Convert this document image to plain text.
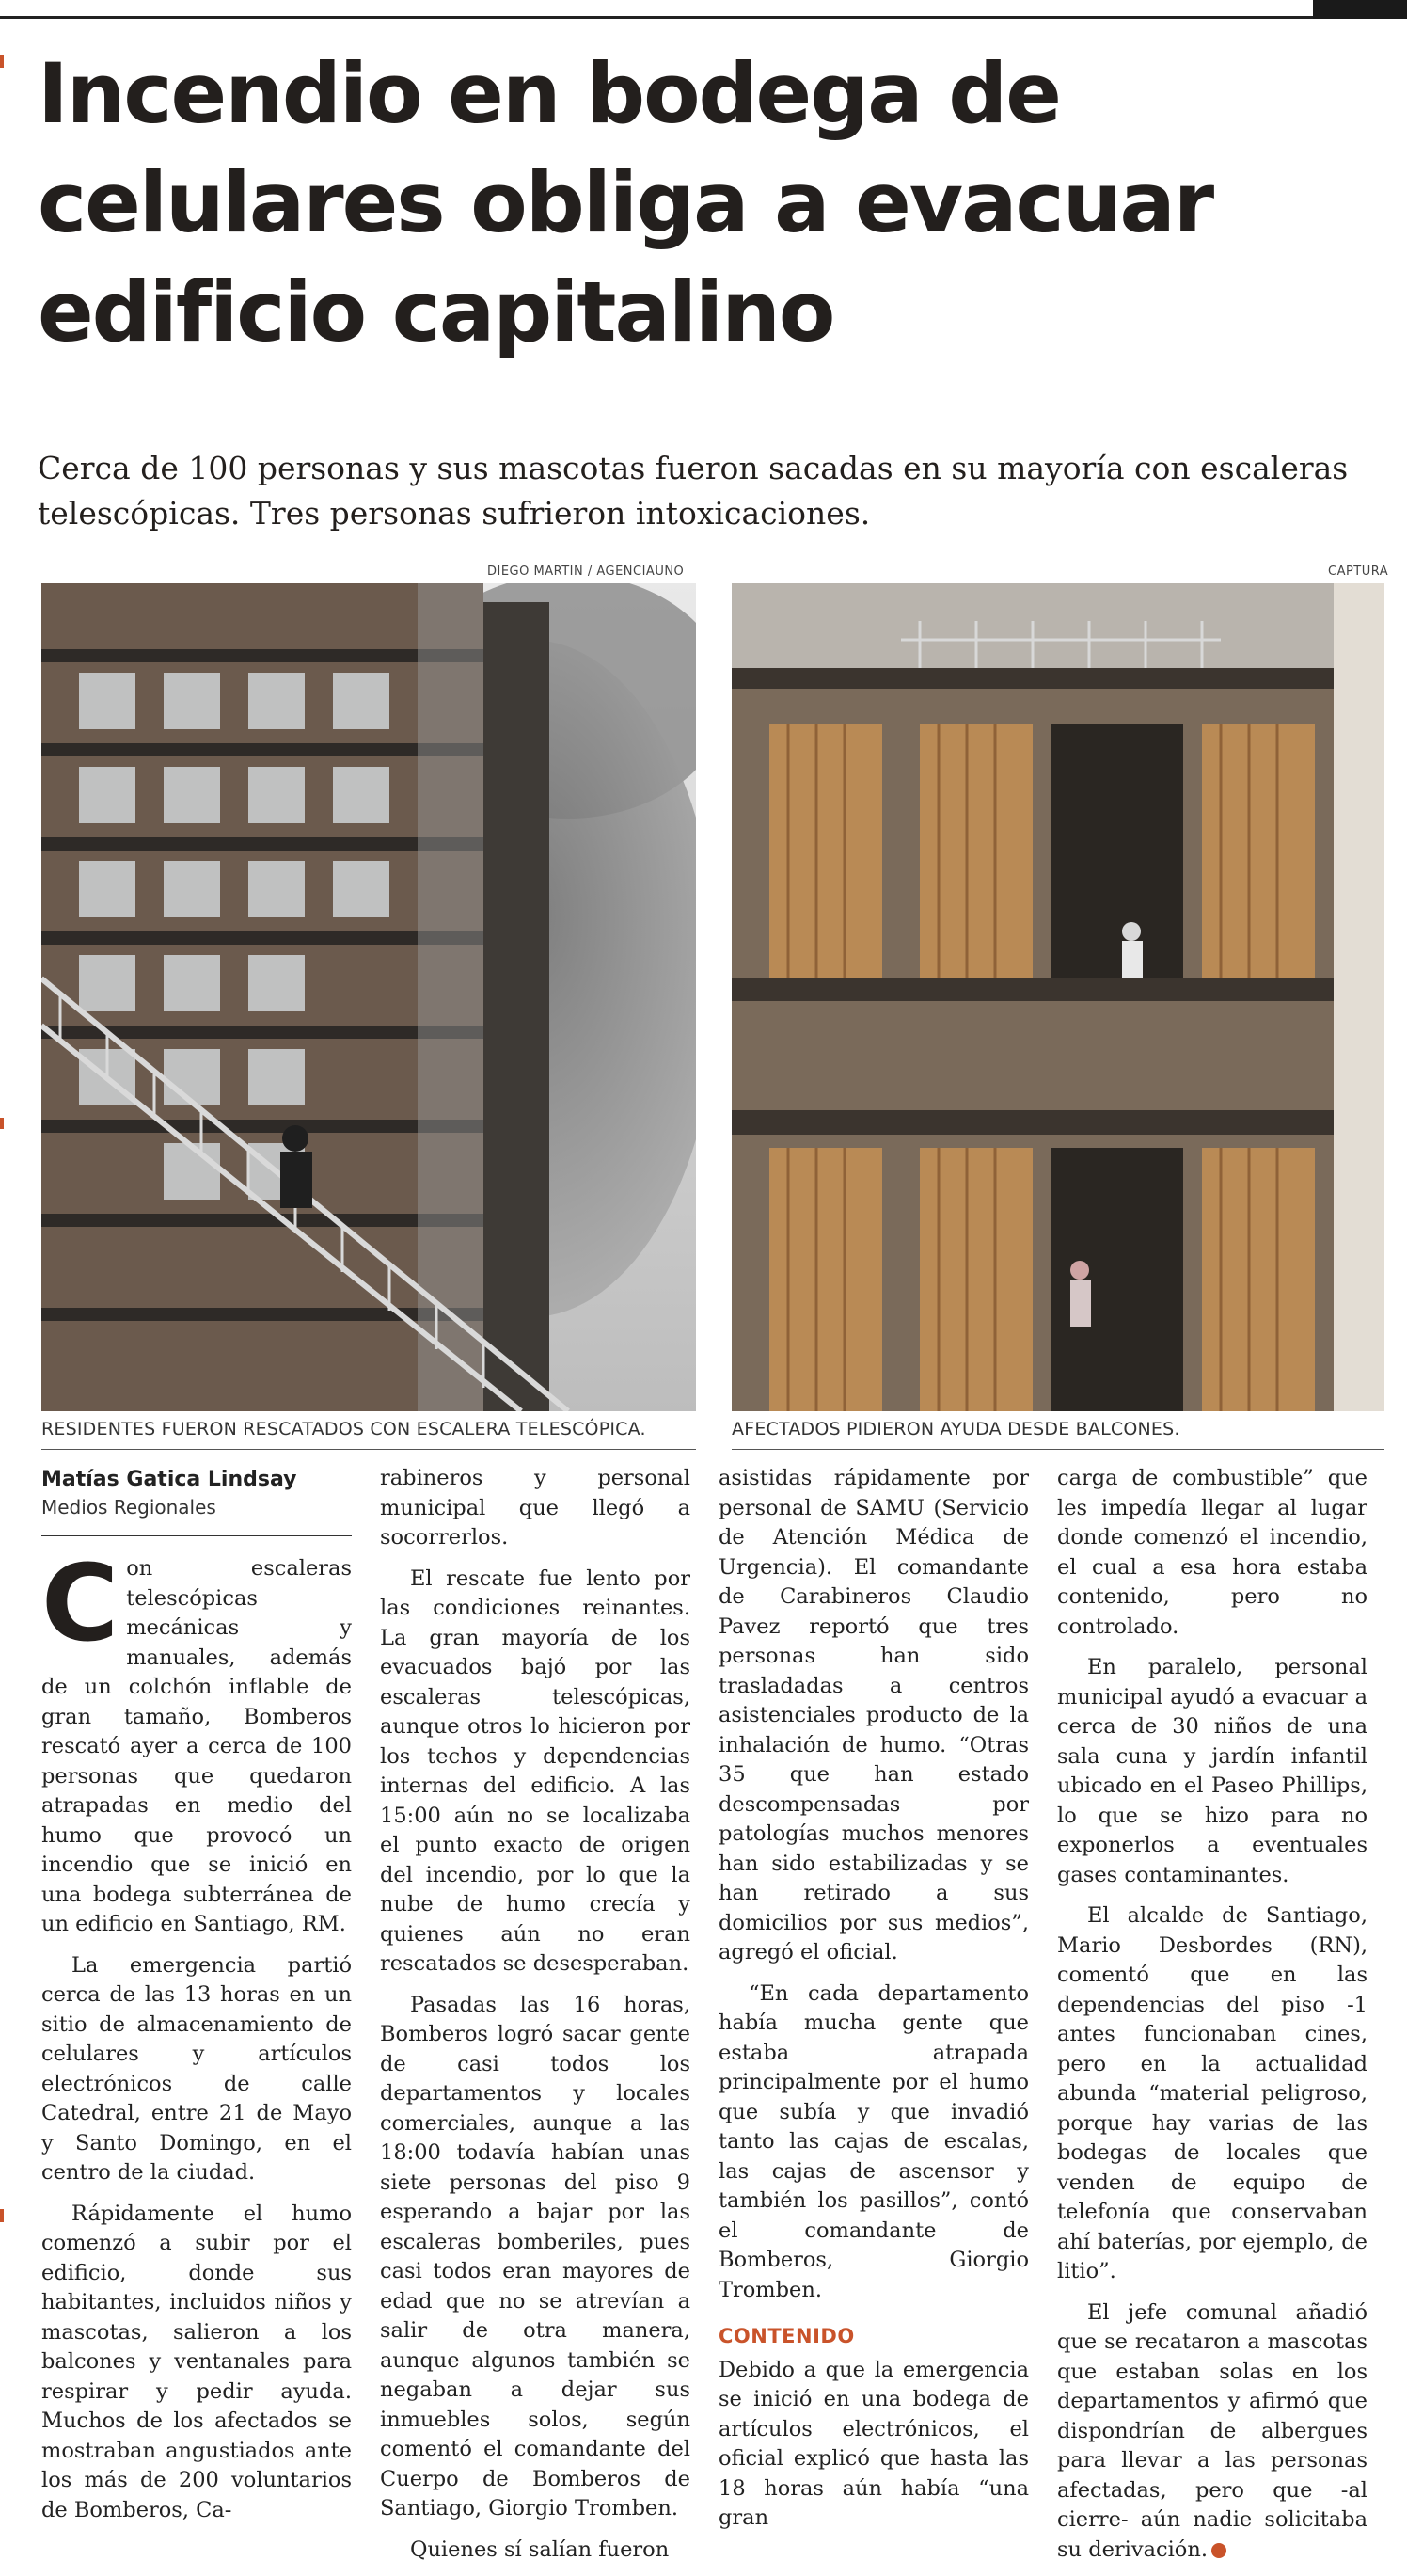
Incendio en bodega de celulares obliga a evacuar edificio capitalino

Cerca de 100 personas y sus mascotas fueron sacadas en su mayoría con escaleras telescópicas. Tres personas sufrieron intoxicaciones.

DIEGO MARTIN / AGENCIAUNO
RESIDENTES FUERON RESCATADOS CON ESCALERA TELESCÓPICA.
CAPTURA
AFECTADOS PIDIERON AYUDA DESDE BALCONES.
Matías Gatica Lindsay
Medios Regionales

Con escaleras telescópicas mecánicas y manuales, además de un colchón inflable de gran tamaño, Bomberos rescató ayer a cerca de 100 personas que quedaron atrapadas en medio del humo que provocó un incendio que se inició en una bodega subterránea de un edificio en Santiago, RM.

La emergencia partió cerca de las 13 horas en un sitio de almacenamiento de celulares y artículos electrónicos de calle Catedral, entre 21 de Mayo y Santo Domingo, en el centro de la ciudad.

Rápidamente el humo comenzó a subir por el edificio, donde sus habitantes, incluidos niños y mascotas, salieron a los balcones y ventanales para respirar y pedir ayuda. Muchos de los afectados se mostraban angustiados ante los más de 200 voluntarios de Bomberos, Ca-

rabineros y personal municipal que llegó a socorrerlos.

El rescate fue lento por las condiciones reinantes. La gran mayoría de los evacuados bajó por las escaleras telescópicas, aunque otros lo hicieron por los techos y dependencias internas del edificio. A las 15:00 aún no se localizaba el punto exacto de origen del incendio, por lo que la nube de humo crecía y quienes aún no eran rescatados se desesperaban.

Pasadas las 16 horas, Bomberos logró sacar gente de casi todos los departamentos y locales comerciales, aunque a las 18:00 todavía habían unas siete personas del piso 9 esperando a bajar por las escaleras bomberiles, pues casi todos eran mayores de edad que no se atrevían a salir de otra manera, aunque algunos también se negaban a dejar sus inmuebles solos, según comentó el comandante del Cuerpo de Bomberos de Santiago, Giorgio Tromben.

Quienes sí salían fueron

asistidas rápidamente por personal de SAMU (Servicio de Atención Médica de Urgencia). El comandante de Carabineros Claudio Pavez reportó que tres personas han sido trasladadas a centros asistenciales producto de la inhalación de humo. “Otras 35 que han estado descompensadas por patologías muchos menores han sido estabilizadas y se han retirado a sus domicilios por sus medios”, agregó el oficial.

“En cada departamento había mucha gente que estaba atrapada principalmente por el humo que subía y que invadió tanto las cajas de escalas, las cajas de ascensor y también los pasillos”, contó el comandante de Bomberos, Giorgio Tromben.

CONTENIDO

Debido a que la emergencia se inició en una bodega de artículos electrónicos, el oficial explicó que hasta las 18 horas aún había “una gran

carga de combustible” que les impedía llegar al lugar donde comenzó el incendio, el cual a esa hora estaba contenido, pero no controlado.

En paralelo, personal municipal ayudó a evacuar a cerca de 30 niños de una sala cuna y jardín infantil ubicado en el Paseo Phillips, lo que se hizo para no exponerlos a eventuales gases contaminantes.

El alcalde de Santiago, Mario Desbordes (RN), comentó que en las dependencias del piso -1 antes funcionaban cines, pero en la actualidad abunda “material peligroso, porque hay varias de las bodegas de locales que venden de equipo de telefonía que conservaban ahí baterías, por ejemplo, de litio”.

El jefe comunal añadió que se recataron a mascotas que estaban solas en los departamentos y afirmó que dispondrían de albergues para llevar a las personas afectadas, pero que -al cierre- aún nadie solicitaba su derivación.	✦
